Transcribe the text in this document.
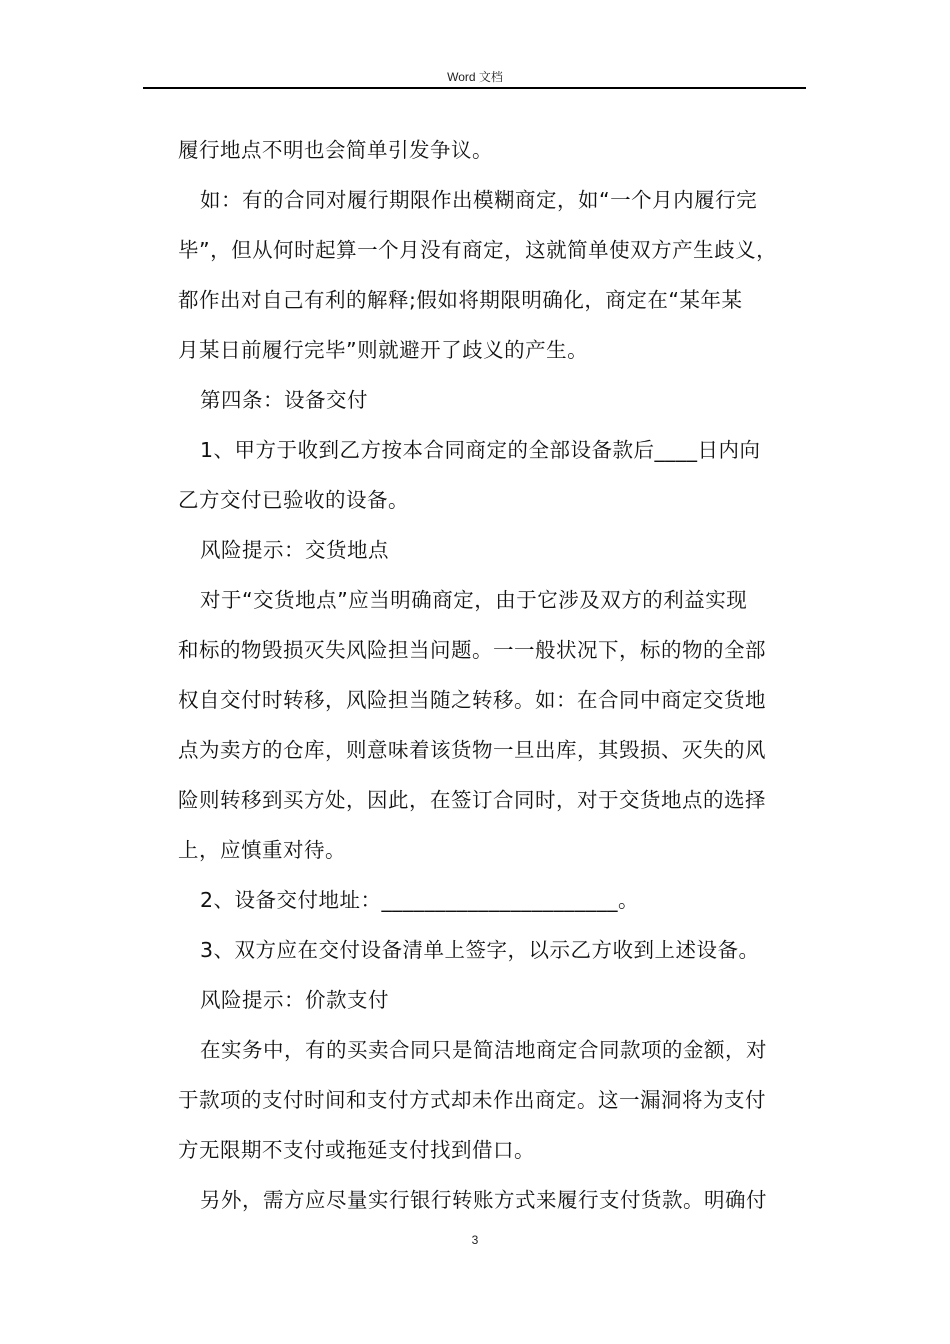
Word 文档
履行地点不明也会简单引发争议。
如：有的合同对履行期限作出模糊商定，如“一个月内履行完
毕”，但从何时起算一个月没有商定，这就简单使双方产生歧义，
都作出对自己有利的解释;假如将期限明确化，商定在“某年某
月某日前履行完毕”则就避开了歧义的产生。
第四条：设备交付
1、甲方于收到乙方按本合同商定的全部设备款后____日内向
乙方交付已验收的设备。
风险提示：交货地点
对于“交货地点”应当明确商定，由于它涉及双方的利益实现
和标的物毁损灭失风险担当问题。一一般状况下，标的物的全部
权自交付时转移，风险担当随之转移。如：在合同中商定交货地
点为卖方的仓库，则意味着该货物一旦出库，其毁损、灭失的风
险则转移到买方处，因此，在签订合同时，对于交货地点的选择
上，应慎重对待。
2、设备交付地址：______________________。
3、双方应在交付设备清单上签字，以示乙方收到上述设备。
风险提示：价款支付
在实务中，有的买卖合同只是简洁地商定合同款项的金额，对
于款项的支付时间和支付方式却未作出商定。这一漏洞将为支付
方无限期不支付或拖延支付找到借口。
另外，需方应尽量实行银行转账方式来履行支付货款。明确付
3
